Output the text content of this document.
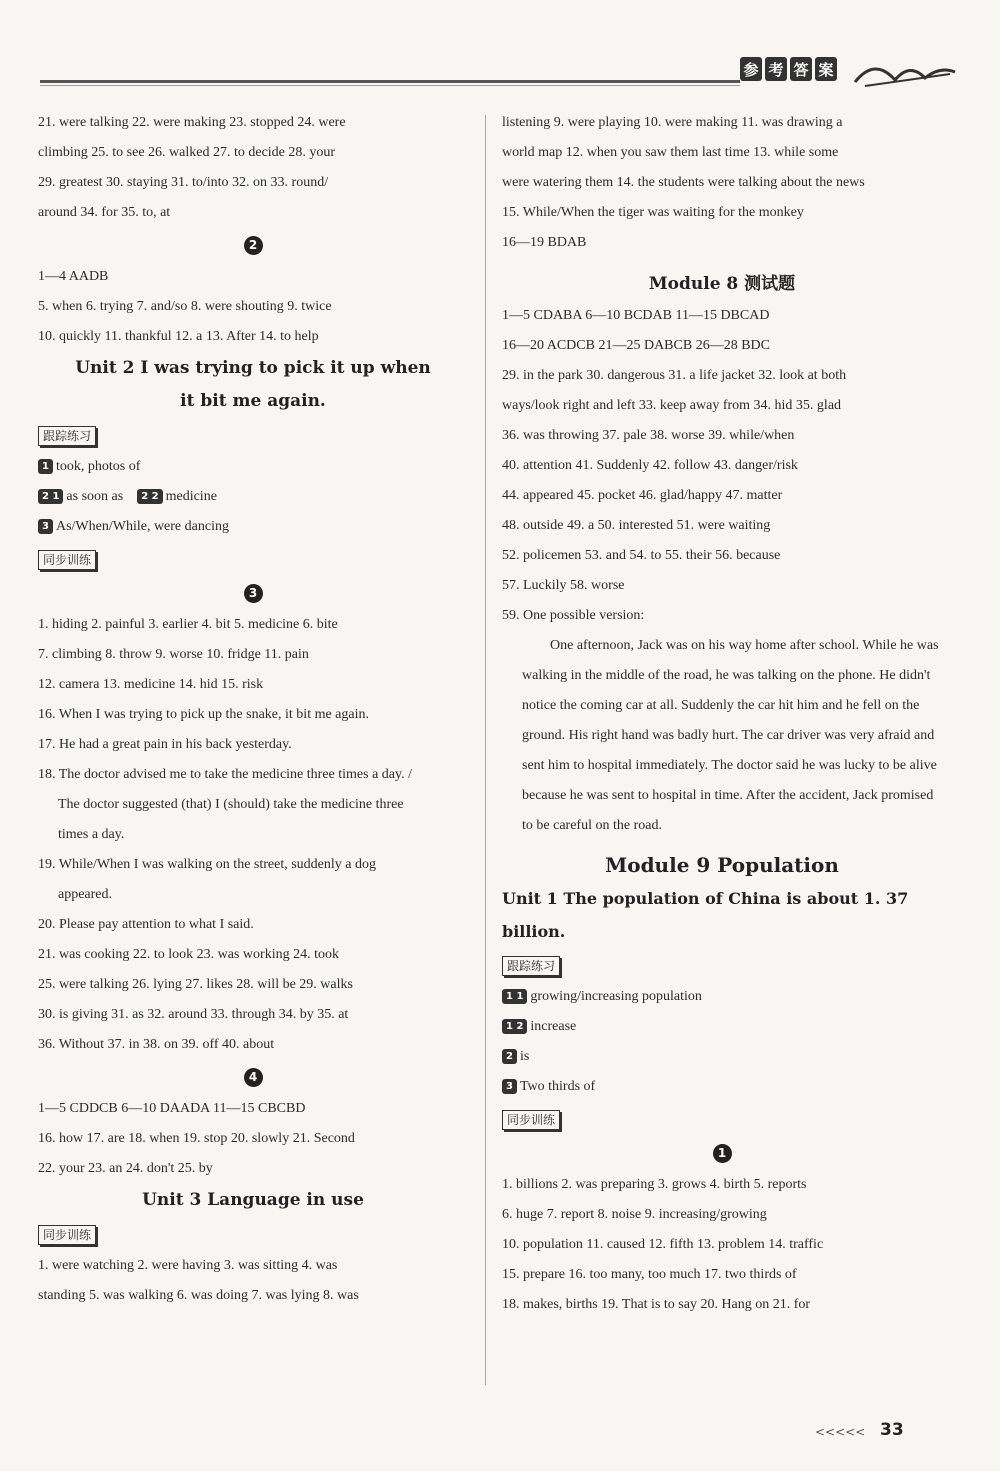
参 考 答 案
21. were talking 22. were making 23. stopped 24. were
climbing 25. to see 26. walked 27. to decide 28. your
29. greatest 30. staying 31. to/into 32. on 33. round/
around 34. for 35. to, at
2
1—4 AADB
5. when 6. trying 7. and/so 8. were shouting 9. twice
10. quickly 11. thankful 12. a 13. After 14. to help
Unit 2 I was trying to pick it up when
it bit me again.
跟踪练习
1 took, photos of
2 1 as soon as 2 2 medicine
3 As/When/While, were dancing
同步训练
3
1. hiding 2. painful 3. earlier 4. bit 5. medicine 6. bite
7. climbing 8. throw 9. worse 10. fridge 11. pain
12. camera 13. medicine 14. hid 15. risk
16. When I was trying to pick up the snake, it bit me again.
17. He had a great pain in his back yesterday.
18. The doctor advised me to take the medicine three times a day. /
The doctor suggested (that) I (should) take the medicine three
times a day.
19. While/When I was walking on the street, suddenly a dog
appeared.
20. Please pay attention to what I said.
21. was cooking 22. to look 23. was working 24. took
25. were talking 26. lying 27. likes 28. will be 29. walks
30. is giving 31. as 32. around 33. through 34. by 35. at
36. Without 37. in 38. on 39. off 40. about
4
1—5 CDDCB 6—10 DAADA 11—15 CBCBD
16. how 17. are 18. when 19. stop 20. slowly 21. Second
22. your 23. an 24. don't 25. by
Unit 3 Language in use
同步训练
1. were watching 2. were having 3. was sitting 4. was
standing 5. was walking 6. was doing 7. was lying 8. was
listening 9. were playing 10. were making 11. was drawing a
world map 12. when you saw them last time 13. while some
were watering them 14. the students were talking about the news
15. While/When the tiger was waiting for the monkey
16—19 BDAB
Module 8 测试题
1—5 CDABA 6—10 BCDAB 11—15 DBCAD
16—20 ACDCB 21—25 DABCB 26—28 BDC
29. in the park 30. dangerous 31. a life jacket 32. look at both
ways/look right and left 33. keep away from 34. hid 35. glad
36. was throwing 37. pale 38. worse 39. while/when
40. attention 41. Suddenly 42. follow 43. danger/risk
44. appeared 45. pocket 46. glad/happy 47. matter
48. outside 49. a 50. interested 51. were waiting
52. policemen 53. and 54. to 55. their 56. because
57. Luckily 58. worse
59. One possible version:
One afternoon, Jack was on his way home after school. While he was walking in the middle of the road, he was talking on the phone. He didn't notice the coming car at all. Suddenly the car hit him and he fell on the ground. His right hand was badly hurt. The car driver was very afraid and sent him to hospital immediately. The doctor said he was lucky to be alive because he was sent to hospital in time. After the accident, Jack promised to be careful on the road.
Module 9 Population
Unit 1 The population of China is about 1. 37 billion.
跟踪练习
1 1 growing/increasing population
1 2 increase
2 is
3 Two thirds of
同步训练
1
1. billions 2. was preparing 3. grows 4. birth 5. reports
6. huge 7. report 8. noise 9. increasing/growing
10. population 11. caused 12. fifth 13. problem 14. traffic
15. prepare 16. too many, too much 17. two thirds of
18. makes, births 19. That is to say 20. Hang on 21. for
<<<<< 33
